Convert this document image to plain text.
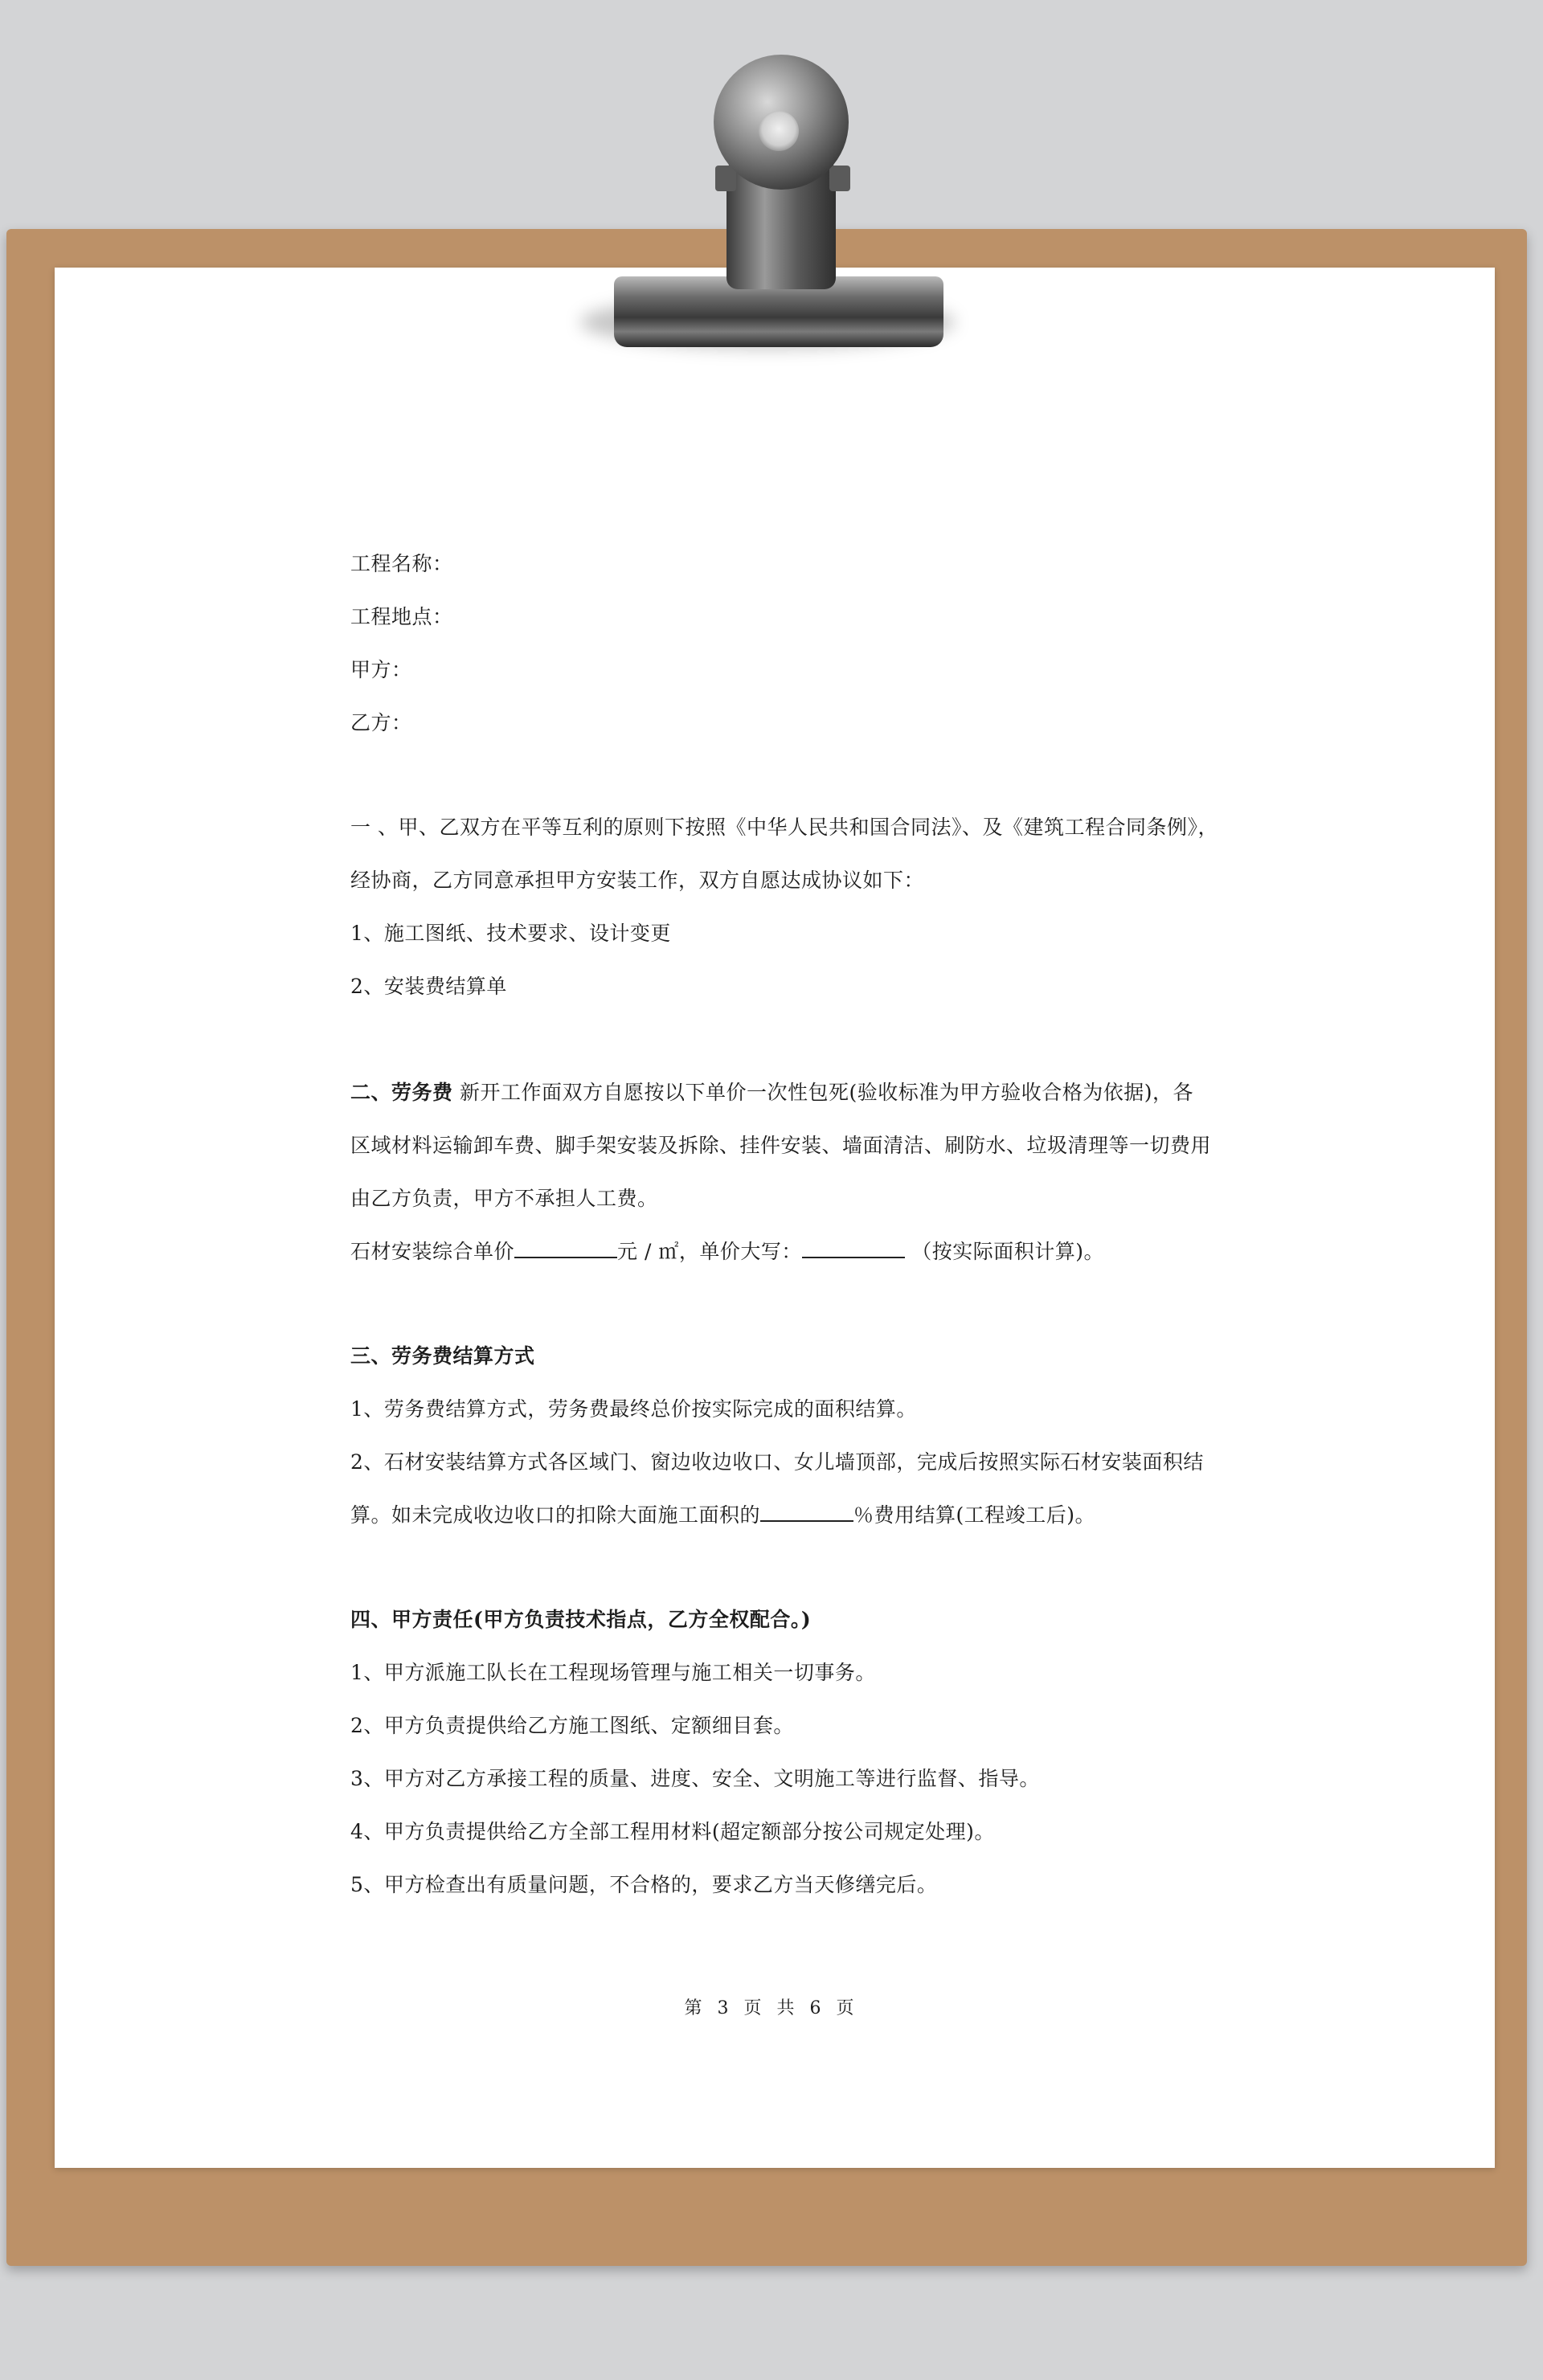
工程名称：
工程地点：
甲方：
乙方：
一 、甲、乙双方在平等互利的原则下按照《中华人民共和国合同法》、及《建筑工程合同条例》，
经协商，乙方同意承担甲方安装工作，双方自愿达成协议如下：
1、施工图纸、技术要求、设计变更
2、安装费结算单
二、劳务费 新开工作面双方自愿按以下单价一次性包死(验收标准为甲方验收合格为依据)，各
区域材料运输卸车费、脚手架安装及拆除、挂件安装、墙面清洁、刷防水、垃圾清理等一切费用
由乙方负责，甲方不承担人工费。
石材安装综合单价	元 / ㎡，单价大写：	（按实际面积计算)。
三、劳务费结算方式
1、劳务费结算方式，劳务费最终总价按实际完成的面积结算。
2、石材安装结算方式各区域门、窗边收边收口、女儿墙顶部，完成后按照实际石材安装面积结
算。如未完成收边收口的扣除大面施工面积的	％费用结算(工程竣工后)。
四、甲方责任(甲方负责技术指点，乙方全权配合。)
1、甲方派施工队长在工程现场管理与施工相关一切事务。
2、甲方负责提供给乙方施工图纸、定额细目套。
3、甲方对乙方承接工程的质量、进度、安全、文明施工等进行监督、指导。
4、甲方负责提供给乙方全部工程用材料(超定额部分按公司规定处理)。
5、甲方检查出有质量问题，不合格的，要求乙方当天修缮完后。
第 3 页 共 6 页
